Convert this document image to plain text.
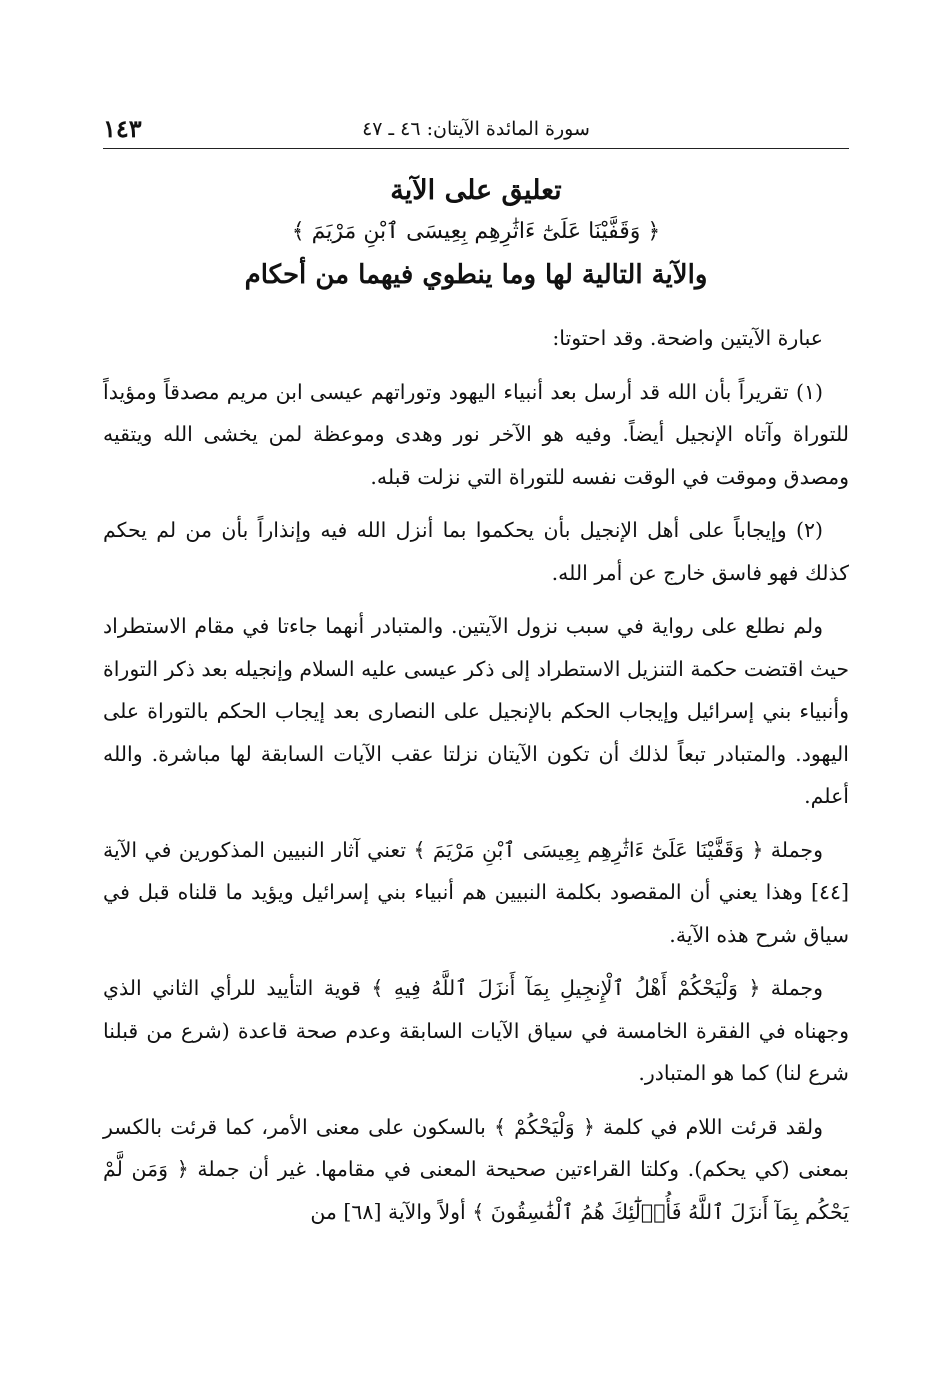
١٤٣	سورة المائدة الآيتان: ٤٦ ـ ٤٧
تعليق على الآية
﴿ وَقَفَّيْنَا عَلَىٰٓ ءَاثَٰرِهِم بِعِيسَى ٱبْنِ مَرْيَمَ ﴾
والآية التالية لها وما ينطوي فيهما من أحكام

عبارة الآيتين واضحة. وقد احتوتا:

(١) تقريراً بأن الله قد أرسل بعد أنبياء اليهود وتوراتهم عيسى ابن مريم مصدقاً ومؤيداً للتوراة وآتاه الإنجيل أيضاً. وفيه هو الآخر نور وهدى وموعظة لمن يخشى الله ويتقيه ومصدق وموقت في الوقت نفسه للتوراة التي نزلت قبله.

(٢) وإيجاباً على أهل الإنجيل بأن يحكموا بما أنزل الله فيه وإنذاراً بأن من لم يحكم كذلك فهو فاسق خارج عن أمر الله.

ولم نطلع على رواية في سبب نزول الآيتين. والمتبادر أنهما جاءتا في مقام الاستطراد حيث اقتضت حكمة التنزيل الاستطراد إلى ذكر عيسى عليه السلام وإنجيله بعد ذكر التوراة وأنبياء بني إسرائيل وإيجاب الحكم بالإنجيل على النصارى بعد إيجاب الحكم بالتوراة على اليهود. والمتبادر تبعاً لذلك أن تكون الآيتان نزلتا عقب الآيات السابقة لها مباشرة. والله أعلم.

وجملة ﴿ وَقَفَّيْنَا عَلَىٰٓ ءَاثَٰرِهِم بِعِيسَى ٱبْنِ مَرْيَمَ ﴾ تعني آثار النبيين المذكورين في الآية [٤٤] وهذا يعني أن المقصود بكلمة النبيين هم أنبياء بني إسرائيل ويؤيد ما قلناه قبل في سياق شرح هذه الآية.

وجملة ﴿ وَلْيَحْكُمْ أَهْلُ ٱلْإِنجِيلِ بِمَآ أَنزَلَ ٱللَّهُ فِيهِ ﴾ قوية التأييد للرأي الثاني الذي وجهناه في الفقرة الخامسة في سياق الآيات السابقة وعدم صحة قاعدة (شرع من قبلنا شرع لنا) كما هو المتبادر.

ولقد قرئت اللام في كلمة ﴿ وَلْيَحْكُمْ ﴾ بالسكون على معنى الأمر، كما قرئت بالكسر بمعنى (كي يحكم). وكلتا القراءتين صحيحة المعنى في مقامها. غير أن جملة ﴿ وَمَن لَّمْ يَحْكُم بِمَآ أَنزَلَ ٱللَّهُ فَأُو۟لَٰٓئِكَ هُمُ ٱلْفَٰسِقُونَ ﴾ أولاً والآية [٦٨] من
